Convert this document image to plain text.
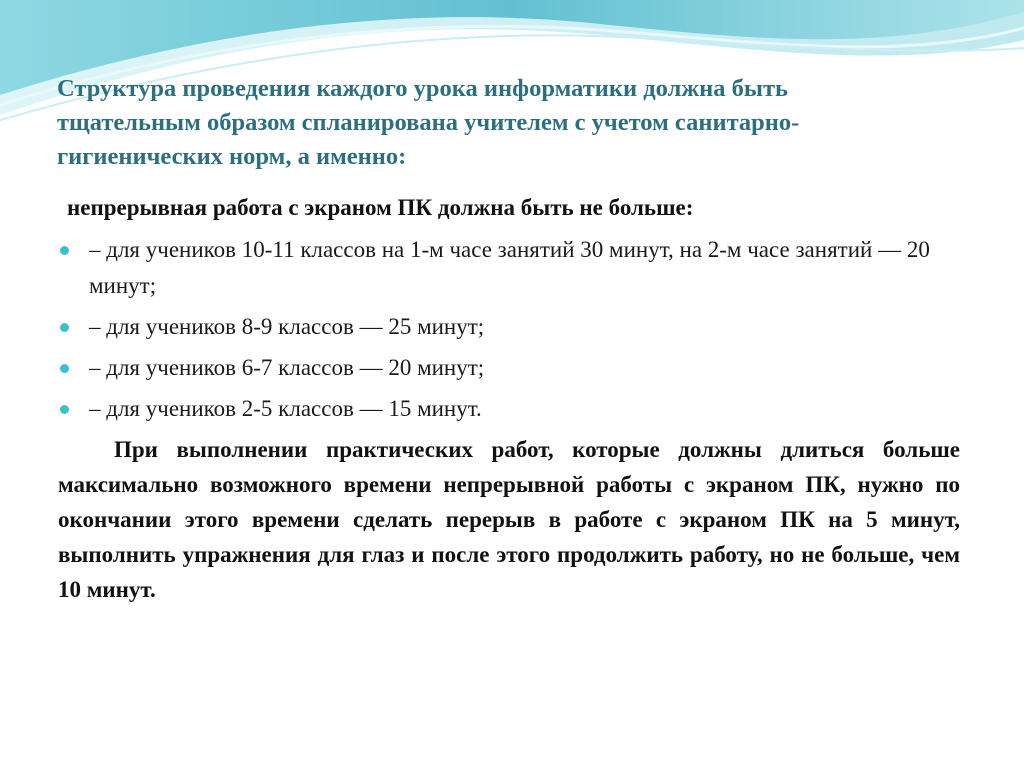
Структура проведения каждого урока информатики должна быть тщательным образом спланирована учителем с учетом санитарно-гигиенических норм, а именно:
непрерывная работа с экраном ПК должна быть не больше:
– для учеников 10-11 классов на 1-м часе занятий 30 минут, на 2-м часе занятий — 20 минут;
– для учеников 8-9 классов — 25 минут;
– для учеников 6-7 классов — 20 минут;
– для учеников 2-5 классов — 15 минут.

При выполнении практических работ, которые должны длиться больше максимально возможного времени непрерывной работы с экраном ПК, нужно по окончании этого времени сделать перерыв в работе с экраном ПК на 5 минут, выполнить упражнения для глаз и после этого продолжить работу, но не больше, чем 10 минут.
